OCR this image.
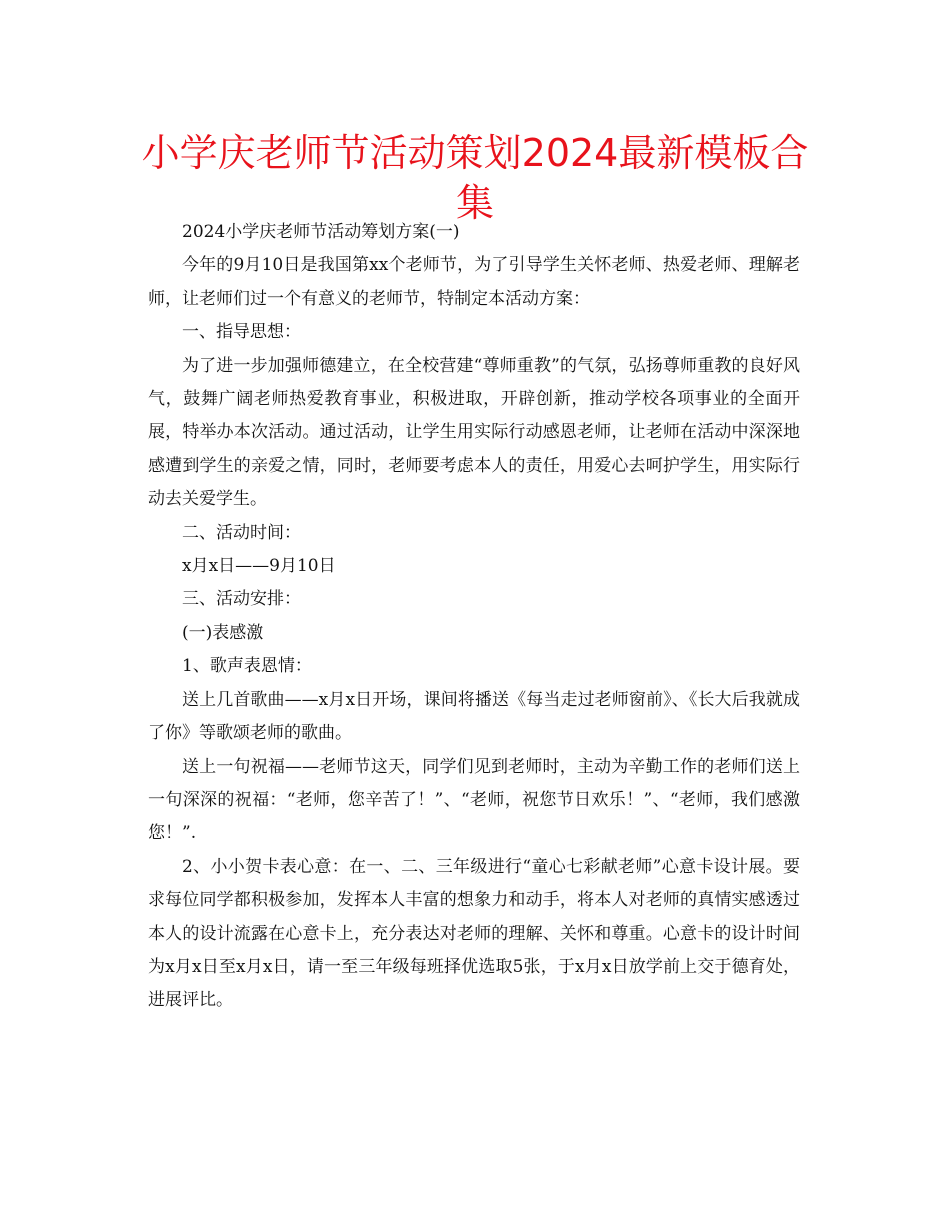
小学庆老师节活动策划2024最新模板合集

2024小学庆老师节活动筹划方案(一)

今年的9月10日是我国第xx个老师节，为了引导学生关怀老师、热爱老师、理解老师，让老师们过一个有意义的老师节，特制定本活动方案：

一、指导思想：

为了进一步加强师德建立，在全校营建“尊师重教”的气氛，弘扬尊师重教的良好风气，鼓舞广阔老师热爱教育事业，积极进取，开辟创新，推动学校各项事业的全面开展，特举办本次活动。通过活动，让学生用实际行动感恩老师，让老师在活动中深深地感遭到学生的亲爱之情，同时，老师要考虑本人的责任，用爱心去呵护学生，用实际行动去关爱学生。

二、活动时间：

x月x日——9月10日

三、活动安排：

(一)表感激

1、歌声表恩情：

送上几首歌曲——x月x日开场，课间将播送《每当走过老师窗前》、《长大后我就成了你》等歌颂老师的歌曲。

送上一句祝福——老师节这天，同学们见到老师时，主动为辛勤工作的老师们送上一句深深的祝福：“老师，您辛苦了！”、“老师，祝您节日欢乐！”、“老师，我们感激您！”.

2、小小贺卡表心意：在一、二、三年级进行“童心七彩献老师”心意卡设计展。要求每位同学都积极参加，发挥本人丰富的想象力和动手，将本人对老师的真情实感透过本人的设计流露在心意卡上，充分表达对老师的理解、关怀和尊重。心意卡的设计时间为x月x日至x月x日，请一至三年级每班择优选取5张，于x月x日放学前上交于德育处，进展评比。
